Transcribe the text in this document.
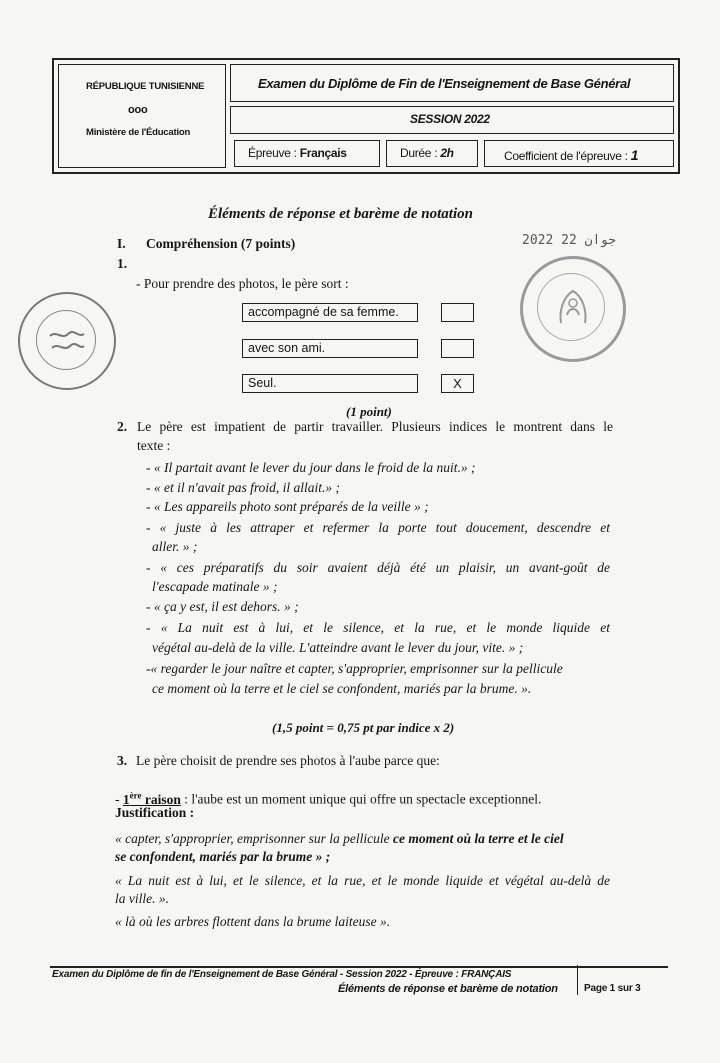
RÉPUBLIQUE TUNISIENNE
ooo
Ministère de l'Éducation
Examen du Diplôme de Fin de l'Enseignement de Base Général
SESSION 2022
Épreuve : Français	Durée : 2h	Coefficient de l'épreuve : 1
Éléments de réponse et barème de notation
2022 جوان 22
I. Compréhension (7 points)
1.
- Pour prendre des photos, le père sort :
accompagné de sa femme.
avec son ami.
Seul.	X
(1 point)
2. Le père est impatient de partir travailler. Plusieurs indices le montrent dans le
texte :
- « Il partait avant le lever du jour dans le froid de la nuit.» ;
- « et il n'avait pas froid, il allait.» ;
- « Les appareils photo sont préparés de la veille » ;
- « juste à les attraper et refermer la porte tout doucement, descendre et
aller. » ;
- « ces préparatifs du soir avaient déjà été un plaisir, un avant-goût de
l'escapade matinale » ;
- « ça y est, il est dehors. » ;
- « La nuit est à lui, et le silence, et la rue, et le monde liquide et
végétal au-delà de la ville. L'atteindre avant le lever du jour, vite. » ;
-« regarder le jour naître et capter, s'approprier, emprisonner sur la pellicule
ce moment où la terre et le ciel se confondent, mariés par la brume. ».
(1,5 point = 0,75 pt par indice x 2)
3. Le père choisit de prendre ses photos à l'aube parce que:
- 1ère raison : l'aube est un moment unique qui offre un spectacle exceptionnel.
Justification :
« capter, s'approprier, emprisonner sur la pellicule ce moment où la terre et le ciel
se confondent, mariés par la brume » ;
« La nuit est à lui, et le silence, et la rue, et le monde liquide et végétal au-delà de
la ville. ».
« là où les arbres flottent dans la brume laiteuse ».
Examen du Diplôme de fin de l'Enseignement de Base Général - Session 2022 - Épreuve : FRANÇAIS
Éléments de réponse et barème de notation	Page 1 sur 3
